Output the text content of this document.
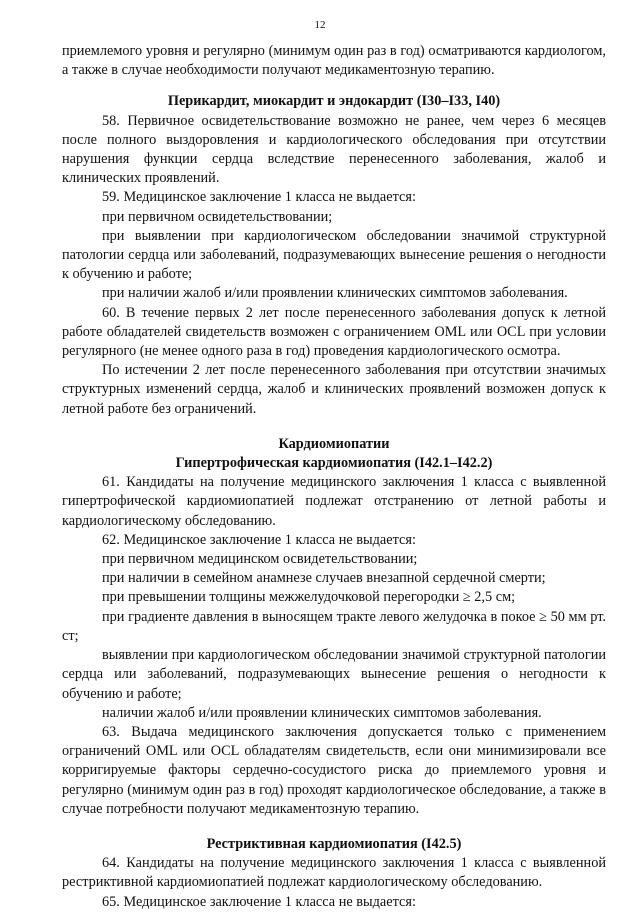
12

приемлемого уровня и регулярно (минимум один раз в год) осматриваются кардиологом, а также в случае необходимости получают медикаментозную терапию.

Перикардит, миокардит и эндокардит (I30–I33, I40)

58. Первичное освидетельствование возможно не ранее, чем через 6 месяцев после полного выздоровления и кардиологического обследования при отсутствии нарушения функции сердца вследствие перенесенного заболевания, жалоб и клинических проявлений.

59. Медицинское заключение 1 класса не выдается:

при первичном освидетельствовании;

при выявлении при кардиологическом обследовании значимой структурной патологии сердца или заболеваний, подразумевающих вынесение решения о негодности к обучению и работе;

при наличии жалоб и/или проявлении клинических симптомов заболевания.

60. В течение первых 2 лет после перенесенного заболевания допуск к летной работе обладателей свидетельств возможен с ограничением OML или OCL при условии регулярного (не менее одного раза в год) проведения кардиологического осмотра.

По истечении 2 лет после перенесенного заболевания при отсутствии значимых структурных изменений сердца, жалоб и клинических проявлений возможен допуск к летной работе без ограничений.

Кардиомиопатии
Гипертрофическая кардиомиопатия (I42.1–I42.2)

61. Кандидаты на получение медицинского заключения 1 класса с выявленной гипертрофической кардиомиопатией подлежат отстранению от летной работы и кардиологическому обследованию.

62. Медицинское заключение 1 класса не выдается:

при первичном медицинском освидетельствовании;

при наличии в семейном анамнезе случаев внезапной сердечной смерти;

при превышении толщины межжелудочковой перегородки ≥ 2,5 см;

при градиенте давления в выносящем тракте левого желудочка в покое ≥ 50 мм рт. ст;

выявлении при кардиологическом обследовании значимой структурной патологии сердца или заболеваний, подразумевающих вынесение решения о негодности к обучению и работе;

наличии жалоб и/или проявлении клинических симптомов заболевания.

63. Выдача медицинского заключения допускается только с применением ограничений OML или OCL обладателям свидетельств, если они минимизировали все корригируемые факторы сердечно-сосудистого риска до приемлемого уровня и регулярно (минимум один раз в год) проходят кардиологическое обследование, а также в случае потребности получают медикаментозную терапию.

Рестриктивная кардиомиопатия (I42.5)

64. Кандидаты на получение медицинского заключения 1 класса с выявленной рестриктивной кардиомиопатией подлежат кардиологическому обследованию.

65. Медицинское заключение 1 класса не выдается:
